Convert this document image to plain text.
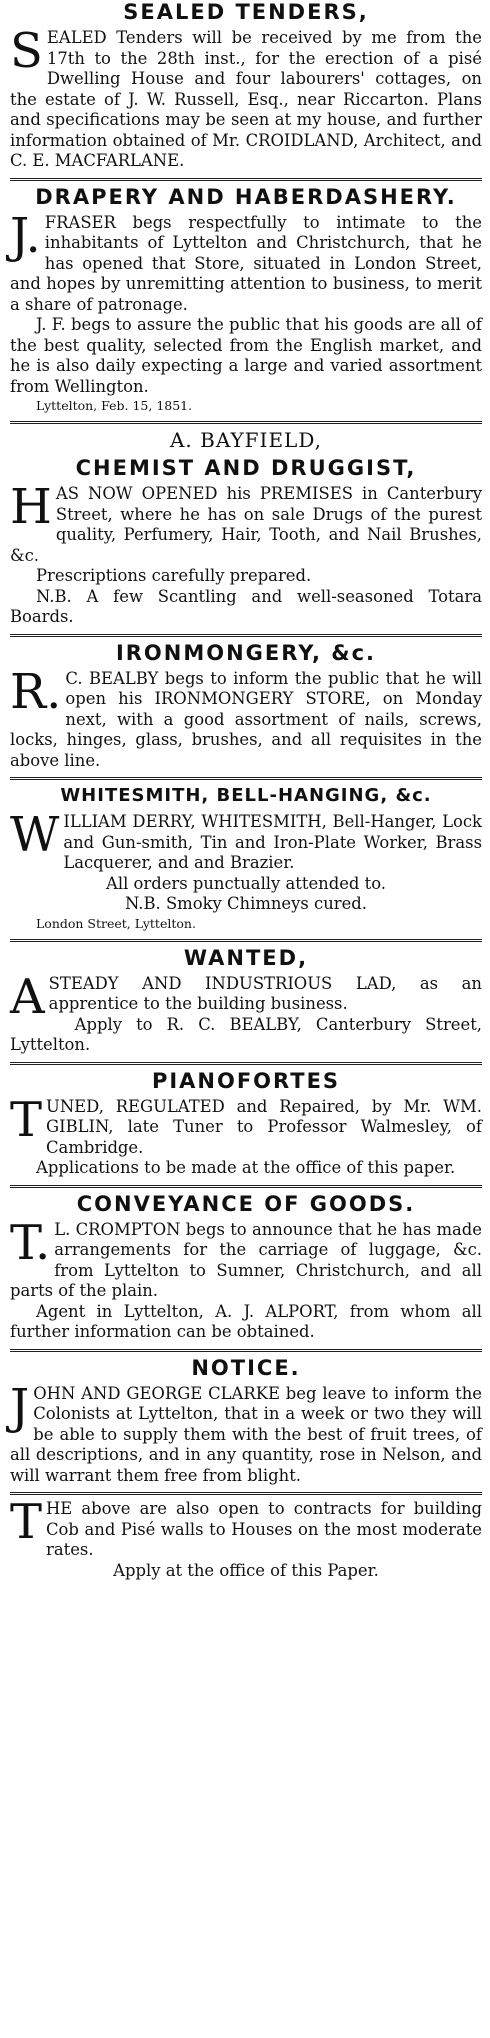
SEALED TENDERS,

SEALED Tenders will be received by me from the 17th to the 28th inst., for the erection of a pisé Dwelling House and four labourers' cottages, on the estate of J. W. Russell, Esq., near Riccarton. Plans and specifications may be seen at my house, and further information obtained of Mr. CROIDLAND, Architect, and C. E. MACFARLANE.

DRAPERY AND HABERDASHERY.

J. FRASER begs respectfully to intimate to the inhabitants of Lyttelton and Christchurch, that he has opened that Store, situated in London Street, and hopes by unremitting attention to business, to merit a share of patronage.

J. F. begs to assure the public that his goods are all of the best quality, selected from the English market, and he is also daily expecting a large and varied assortment from Wellington.

Lyttelton, Feb. 15, 1851.
A. BAYFIELD,
CHEMIST AND DRUGGIST,

HAS NOW OPENED his PREMISES in Canterbury Street, where he has on sale Drugs of the purest quality, Perfumery, Hair, Tooth, and Nail Brushes, &c.

Prescriptions carefully prepared.

N.B. A few Scantling and well-seasoned Totara Boards.

IRONMONGERY, &c.

R. C. BEALBY begs to inform the public that he will open his IRONMONGERY STORE, on Monday next, with a good assortment of nails, screws, locks, hinges, glass, brushes, and all requisites in the above line.

WHITESMITH, BELL-HANGING, &c.

WILLIAM DERRY, WHITESMITH, Bell-Hanger, Lock and Gun-smith, Tin and Iron-Plate Worker, Brass Lacquerer, and and Brazier.

All orders punctually attended to.

N.B. Smoky Chimneys cured.

London Street, Lyttelton.
WANTED,

ASTEADY AND INDUSTRIOUS LAD, as an apprentice to the building business.

Apply to R. C. BEALBY, Canterbury Street, Lyttelton.

PIANOFORTES

TUNED, REGULATED and Repaired, by Mr. WM. GIBLIN, late Tuner to Professor Walmesley, of Cambridge.

Applications to be made at the office of this paper.

CONVEYANCE OF GOODS.

T. L. CROMPTON begs to announce that he has made arrangements for the carriage of luggage, &c. from Lyttelton to Sumner, Christchurch, and all parts of the plain.

Agent in Lyttelton, A. J. ALPORT, from whom all further information can be obtained.

NOTICE.

JOHN AND GEORGE CLARKE beg leave to inform the Colonists at Lyttelton, that in a week or two they will be able to supply them with the best of fruit trees, of all descriptions, and in any quantity, rose in Nelson, and will warrant them free from blight.

THE above are also open to contracts for building Cob and Pisé walls to Houses on the most moderate rates.

Apply at the office of this Paper.
